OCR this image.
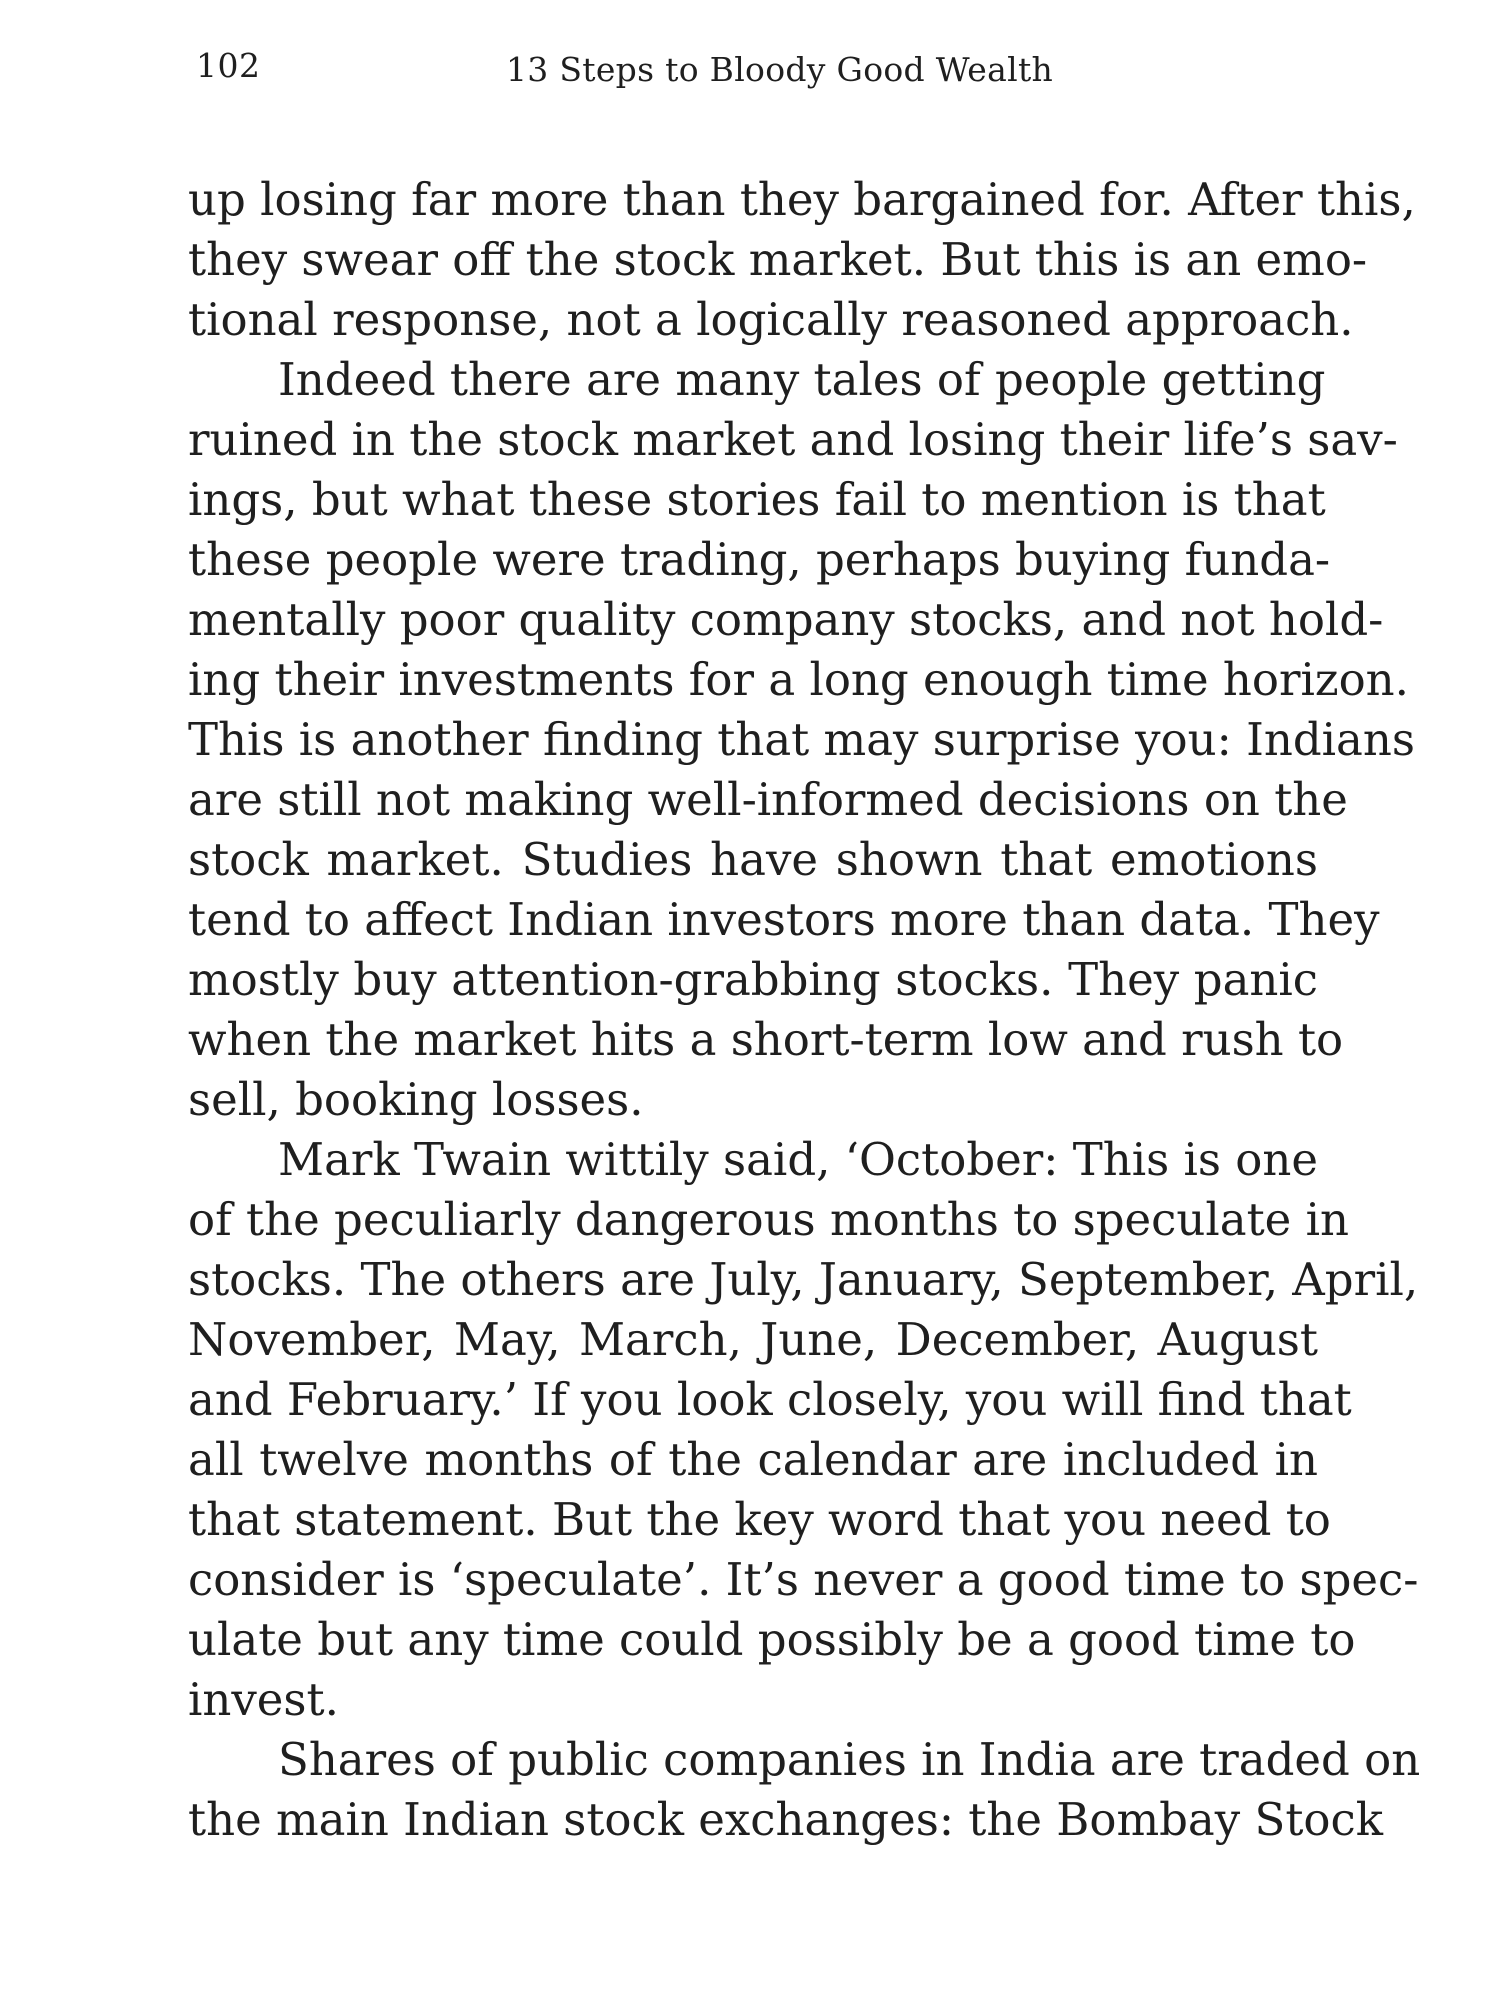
102	13 Steps to Bloody Good Wealth
up losing far more than they bargained for. After this,
they swear off the stock market. But this is an emo-
tional response, not a logically reasoned approach.
Indeed there are many tales of people getting
ruined in the stock market and losing their life’s sav-
ings, but what these stories fail to mention is that
these people were trading, perhaps buying funda-
mentally poor quality company stocks, and not hold-
ing their investments for a long enough time horizon.
This is another finding that may surprise you: Indians
are still not making well-informed decisions on the
stock market. Studies have shown that emotions
tend to affect Indian investors more than data. They
mostly buy attention-grabbing stocks. They panic
when the market hits a short-term low and rush to
sell, booking losses.
Mark Twain wittily said, ‘October: This is one
of the peculiarly dangerous months to speculate in
stocks. The others are July, January, September, April,
November, May, March, June, December, August
and February.’ If you look closely, you will find that
all twelve months of the calendar are included in
that statement. But the key word that you need to
consider is ‘speculate’. It’s never a good time to spec-
ulate but any time could possibly be a good time to
invest.
Shares of public companies in India are traded on
the main Indian stock exchanges: the Bombay Stock
